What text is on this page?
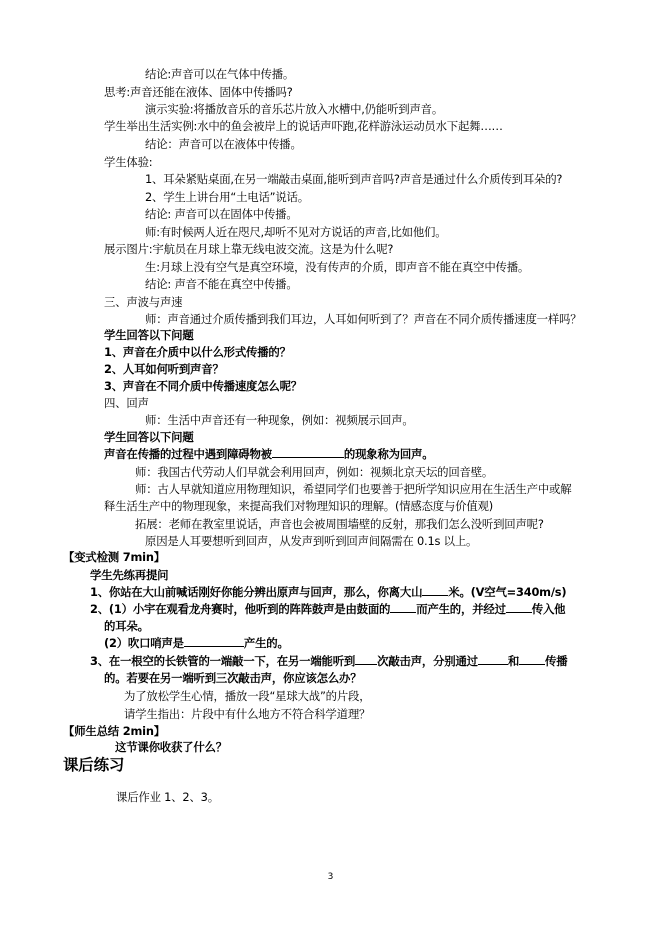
结论:声音可以在气体中传播。
思考:声音还能在液体、固体中传播吗?
演示实验:将播放音乐的音乐芯片放入水槽中,仍能听到声音。
学生举出生活实例:水中的鱼会被岸上的说话声吓跑,花样游泳运动员水下起舞……
结论：声音可以在液体中传播。
学生体验:
1、耳朵紧贴桌面,在另一端敲击桌面,能听到声音吗?声音是通过什么介质传到耳朵的?
2、学生上讲台用“土电话”说话。
结论: 声音可以在固体中传播。
师:有时候两人近在咫尺,却听不见对方说话的声音,比如他们。
展示图片:宇航员在月球上靠无线电波交流。这是为什么呢?
生:月球上没有空气是真空环境，没有传声的介质，即声音不能在真空中传播。
结论: 声音不能在真空中传播。
三、声波与声速
师：声音通过介质传播到我们耳边，人耳如何听到了？声音在不同介质传播速度一样吗？
学生回答以下问题
1、声音在介质中以什么形式传播的？
2、人耳如何听到声音？
3、声音在不同介质中传播速度怎么呢？
四、回声
师：生活中声音还有一种现象，例如：视频展示回声。
学生回答以下问题
声音在传播的过程中遇到障碍物被	的现象称为回声。
师：我国古代劳动人们早就会利用回声，例如：视频北京天坛的回音壁。
师：古人早就知道应用物理知识，希望同学们也要善于把所学知识应用在生活生产中或解
释生活生产中的物理现象，来提高我们对物理知识的理解。(情感态度与价值观)
拓展：老师在教室里说话，声音也会被周围墙壁的反射，那我们怎么没听到回声呢?
原因是人耳要想听到回声，从发声到听到回声间隔需在 0.1s 以上。
【变式检测 7min】
学生先练再提问
1、你站在大山前喊话刚好你能分辨出原声与回声，那么，你离大山 米。(V空气=340m/s)
2、(1）小宇在观看龙舟赛时，他听到的阵阵鼓声是由鼓面的 而产生的，并经过 传入他
的耳朵。
(2）吹口哨声是	产生的。
3、在一根空的长铁管的一端敲一下，在另一端能听到 次敲击声，分别通过	和 传播
的。若要在另一端听到三次敲击声，你应该怎么办？
为了放松学生心情，播放一段“星球大战”的片段，
请学生指出：片段中有什么地方不符合科学道理？
【师生总结 2min】
这节课你收获了什么？
课后练习
课后作业 1、2、3。
3
